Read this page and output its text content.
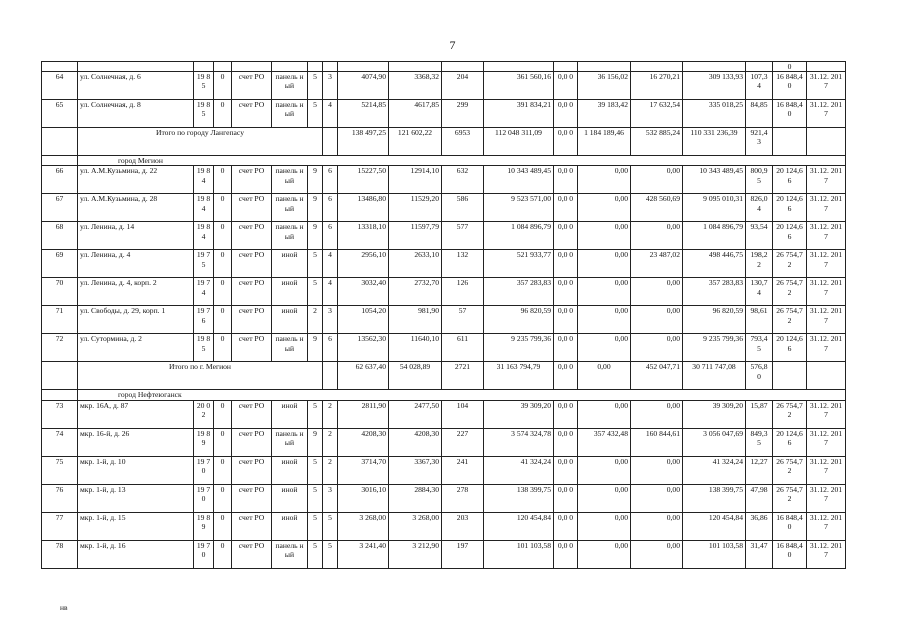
7
																	0	
64	ул. Солнечная, д. 6	19 85	0	счет РО	панель ный	5	3	4074,90	3368,32	204	361 560,16	0,0 0	36 156,02	16 270,21	309 133,93	107,3 4	16 848,4 0	31.12. 2017
65	ул. Солнечная, д. 8	19 85	0	счет РО	панель ный	5	4	5214,85	4617,85	299	391 834,21	0,0 0	39 183,42	17 632,54	335 018,25	84,85	16 848,4 0	31.12. 2017
	Итого по городу Лангепасу							138 497,25	121 602,22	6953	112 048 311,09	0,0 0	1 184 189,46	532 885,24	110 331 236,39	921,4 3		
	город Мегион																	
66	ул. А.М.Кузьмина, д. 22	19 84	0	счет РО	панель ный	9	6	15227,50	12914,10	632	10 343 489,45	0,0 0	0,00	0,00	10 343 489,45	800,9 5	20 124,6 6	31.12. 2017
67	ул. А.М.Кузьмина, д. 28	19 84	0	счет РО	панель ный	9	6	13486,80	11529,20	586	9 523 571,00	0,0 0	0,00	428 560,69	9 095 010,31	826,0 4	20 124,6 6	31.12. 2017
68	ул. Ленина, д. 14	19 84	0	счет РО	панель ный	9	6	13318,10	11597,79	577	1 084 896,79	0,0 0	0,00	0,00	1 084 896,79	93,54	20 124,6 6	31.12. 2017
69	ул. Ленина, д. 4	19 75	0	счет РО	иной	5	4	2956,10	2633,10	132	521 933,77	0,0 0	0,00	23 487,02	498 446,75	198,2 2	26 754,7 2	31.12. 2017
70	ул. Ленина, д. 4, корп. 2	19 74	0	счет РО	иной	5	4	3032,40	2732,70	126	357 283,83	0,0 0	0,00	0,00	357 283,83	130,7 4	26 754,7 2	31.12. 2017
71	ул. Свободы, д. 29, корп. 1	19 76	0	счет РО	иной	2	3	1054,20	981,90	57	96 820,59	0,0 0	0,00	0,00	96 820,59	98,61	26 754,7 2	31.12. 2017
72	ул. Сутормина, д. 2	19 85	0	счет РО	панель ный	9	6	13562,30	11640,10	611	9 235 799,36	0,0 0	0,00	0,00	9 235 799,36	793,4 5	20 124,6 6	31.12. 2017
	Итого по г. Мегион							62 637,40	54 028,89	2721	31 163 794,79	0,0 0	0,00	452 047,71	30 711 747,08	576,8 0		
	город Нефтеюганск																	
73	мкр. 16А, д. 87	20 02	0	счет РО	иной	5	2	2811,90	2477,50	104	39 309,20	0,0 0	0,00	0,00	39 309,20	15,87	26 754,7 2	31.12. 2017
74	мкр. 16-й, д. 26	19 89	0	счет РО	панель ный	9	2	4208,30	4208,30	227	3 574 324,78	0,0 0	357 432,48	160 844,61	3 056 047,69	849,3 5	20 124,6 6	31.12. 2017
75	мкр. 1-й, д. 10	19 70	0	счет РО	иной	5	2	3714,70	3367,30	241	41 324,24	0,0 0	0,00	0,00	41 324,24	12,27	26 754,7 2	31.12. 2017
76	мкр. 1-й, д. 13	19 70	0	счет РО	иной	5	3	3016,10	2884,30	278	138 399,75	0,0 0	0,00	0,00	138 399,75	47,98	26 754,7 2	31.12. 2017
77	мкр. 1-й, д. 15	19 89	0	счет РО	иной	5	5	3 268,00	3 268,00	203	120 454,84	0,0 0	0,00	0,00	120 454,84	36,86	16 848,4 0	31.12. 2017
78	мкр. 1-й, д. 16	19 70	0	счет РО	панель ный	5	5	3 241,40	3 212,90	197	101 103,58	0,0 0	0,00	0,00	101 103,58	31,47	16 848,4 0	31.12. 2017
нв
